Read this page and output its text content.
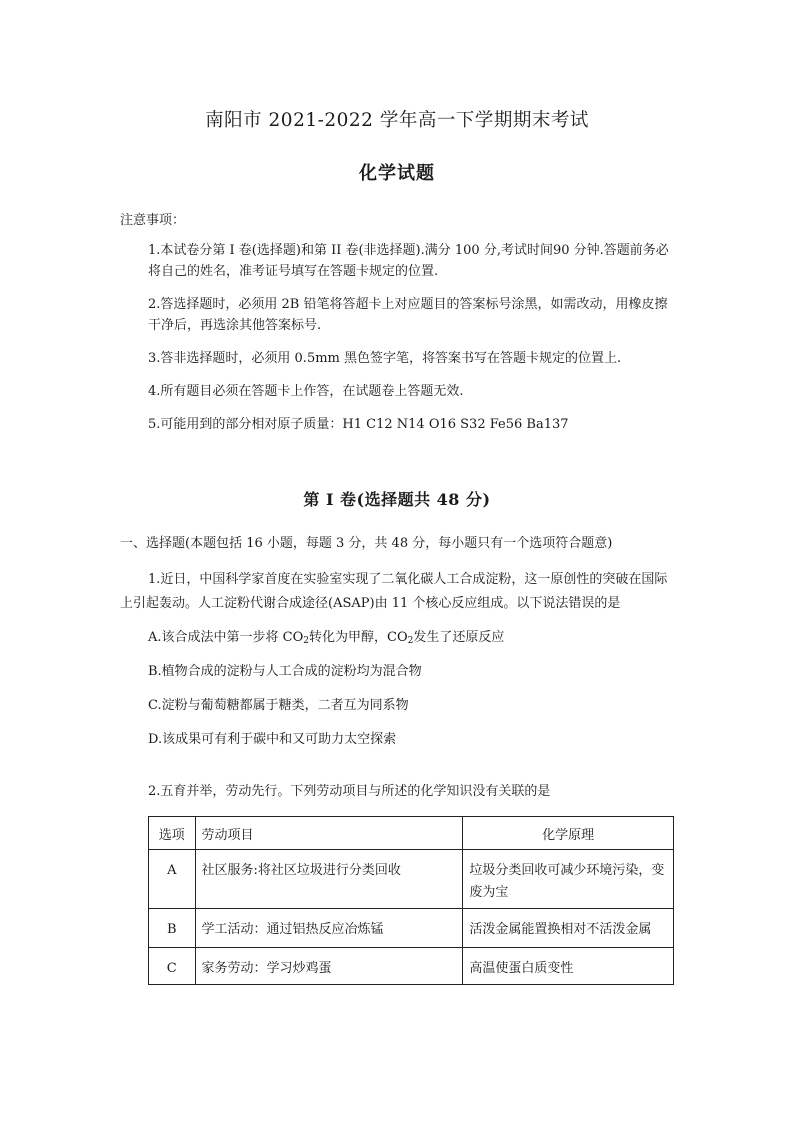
南阳市 2021-2022 学年高一下学期期末考试
化学试题
注意事项：
1.本试卷分第 I 卷(选择题)和第 II 卷(非选择题).满分 100 分,考试时间90 分钟.答题前务必将自己的姓名，准考证号填写在答题卡规定的位置.
2.答选择题时，必须用 2B 铅笔将答超卡上对应题目的答案标号涂黑，如需改动，用橡皮擦干净后，再选涂其他答案标号.
3.答非选择题时，必须用 0.5mm 黑色签字笔，将答案书写在答题卡规定的位置上.
4.所有题目必须在答题卡上作答，在试题卷上答题无效.
5.可能用到的部分相对原子质量：H1 C12 N14 O16 S32 Fe56 Ba137
第 I 卷(选择题共 48 分)
一、选择题(本题包括 16 小题，每题 3 分，共 48 分，每小题只有一个选项符合题意)
1.近日，中国科学家首度在实验室实现了二氧化碳人工合成淀粉，这一原创性的突破在国际上引起轰动。人工淀粉代谢合成途径(ASAP)由 11 个核心反应组成。以下说法错误的是
A.该合成法中第一步将 $CO_2$转化为甲醇，$CO_2$发生了还原反应
B.植物合成的淀粉与人工合成的淀粉均为混合物
C.淀粉与葡萄糖都属于糖类，二者互为同系物
D.该成果可有利于碳中和又可助力太空探索
2.五育并举，劳动先行。下列劳动项目与所述的化学知识没有关联的是
选项	劳动项目	化学原理

A	社区服务:将社区垃圾进行分类回收	垃圾分类回收可减少环境污染，变废为宝

B	学工活动：通过铝热反应冶炼锰	活泼金属能置换相对不活泼金属

C	家务劳动：学习炒鸡蛋	高温使蛋白质变性
